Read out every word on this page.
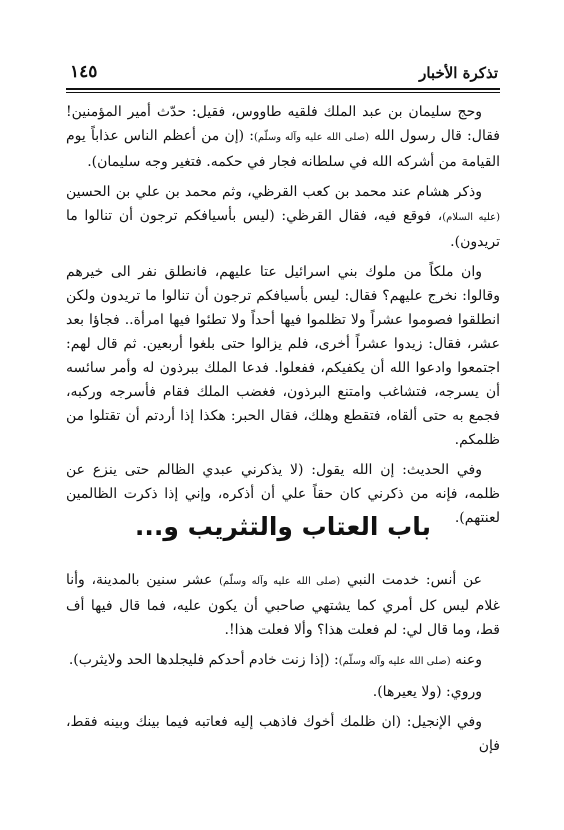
تذكرة الأخبار
١٤٥

وحج سليمان بن عبد الملك فلقيه طاووس، فقيل: حدّث أمير المؤمنين! فقال: قال رسول الله (صلى الله عليه وآله وسلّم): (إن من أعظم الناس عذاباً يوم القيامة من أشركه الله في سلطانه فجار في حكمه. فتغير وجه سليمان).

وذكر هشام عند محمد بن كعب القرظي، وثم محمد بن علي بن الحسين (عليه السلام)، فوقع فيه، فقال القرظي: (ليس بأسيافكم ترجون أن تنالوا ما تريدون).

وان ملكاً من ملوك بني اسرائيل عتا عليهم، فانطلق نفر الى خيرهم وقالوا: نخرج عليهم؟ فقال: ليس بأسيافكم ترجون أن تنالوا ما تريدون ولكن انطلقوا فصوموا عشراً ولا تظلموا فيها أحداً ولا تطئوا فيها امرأة.. فجاؤا بعد عشر، فقال: زيدوا عشراً أخرى، فلم يزالوا حتى بلغوا أربعين. ثم قال لهم: اجتمعوا وادعوا الله أن يكفيكم، ففعلوا. فدعا الملك ببرذون له وأمر سائسه أن يسرجه، فتشاغب وامتنع البرذون، فغضب الملك فقام فأسرجه وركبه، فجمع به حتى ألقاه، فتقطع وهلك، فقال الحبر: هكذا إذا أردتم أن تقتلوا من ظلمكم.

وفي الحديث: إن الله يقول: (لا يذكرني عبدي الظالم حتى ينزع عن ظلمه، فإنه من ذكرني كان حقاً علي أن أذكره، وإني إذا ذكرت الظالمين لعنتهم).

باب العتاب والتثريب و...

عن أنس: خدمت النبي (صلى الله عليه وآله وسلّم) عشر سنين بالمدينة، وأنا غلام ليس كل أمري كما يشتهي صاحبي أن يكون عليه، فما قال فيها أف قط، وما قال لي: لم فعلت هذا؟ وألا فعلت هذا!.

وعنه (صلى الله عليه وآله وسلّم): (إذا زنت خادم أحدكم فليجلدها الحد ولايثرب).

وروي: (ولا يعيرها).

وفي الإنجيل: (ان ظلمك أخوك فاذهب إليه فعاتبه فيما بينك وبينه فقط، فإن
